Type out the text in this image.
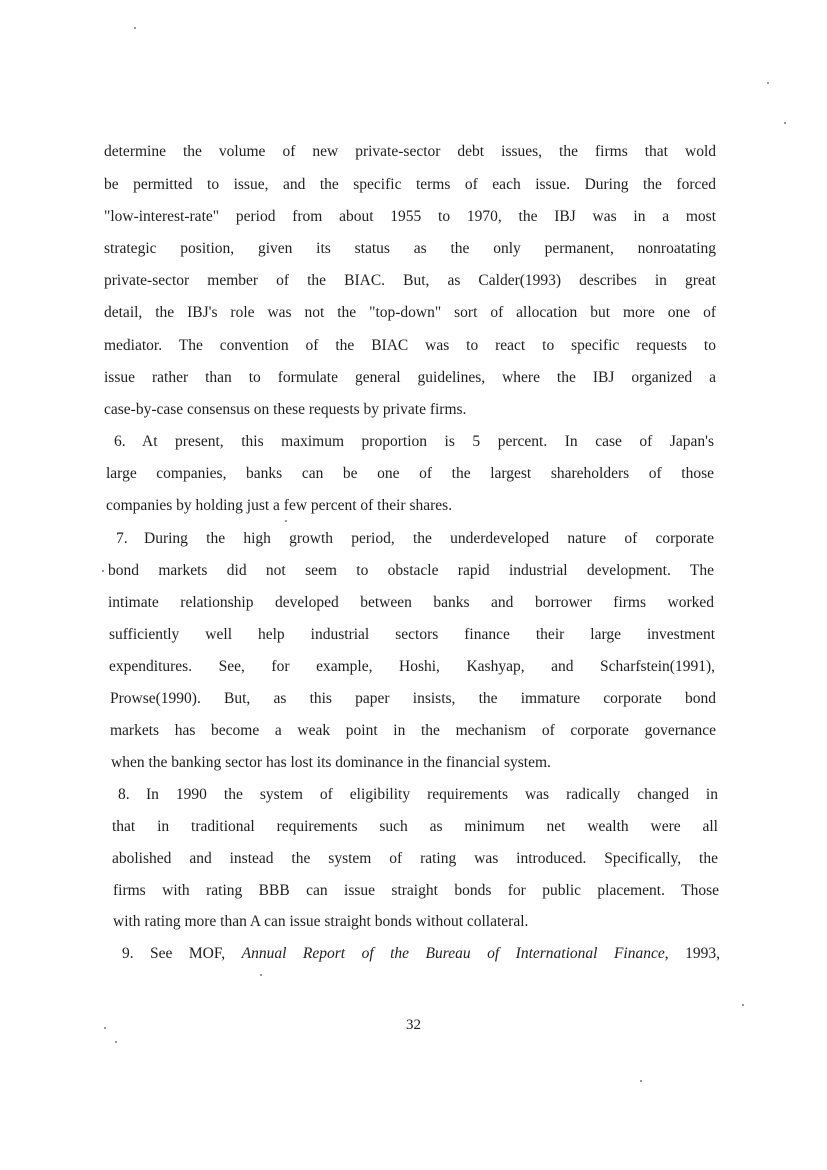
determine the volume of new private-sector debt issues, the firms that wold
be permitted to issue, and the specific terms of each issue. During the forced
"low-interest-rate" period from about 1955 to 1970, the IBJ was in a most
strategic position, given its status as the only permanent, nonroatating
private-sector member of the BIAC. But, as Calder(1993) describes in great
detail, the IBJ's role was not the "top-down" sort of allocation but more one of
mediator. The convention of the BIAC was to react to specific requests to
issue rather than to formulate general guidelines, where the IBJ organized a
case-by-case consensus on these requests by private firms.
6. At present, this maximum proportion is 5 percent. In case of Japan's
large companies, banks can be one of the largest shareholders of those
companies by holding just a few percent of their shares.
7. During the high growth period, the underdeveloped nature of corporate
bond markets did not seem to obstacle rapid industrial development. The
intimate relationship developed between banks and borrower firms worked
sufficiently well help industrial sectors finance their large investment
expenditures. See, for example, Hoshi, Kashyap, and Scharfstein(1991),
Prowse(1990). But, as this paper insists, the immature corporate bond
markets has become a weak point in the mechanism of corporate governance
when the banking sector has lost its dominance in the financial system.
8. In 1990 the system of eligibility requirements was radically changed in
that in traditional requirements such as minimum net wealth were all
abolished and instead the system of rating was introduced. Specifically, the
firms with rating BBB can issue straight bonds for public placement. Those
with rating more than A can issue straight bonds without collateral.
9. See MOF, Annual Report of the Bureau of International Finance, 1993,
32
